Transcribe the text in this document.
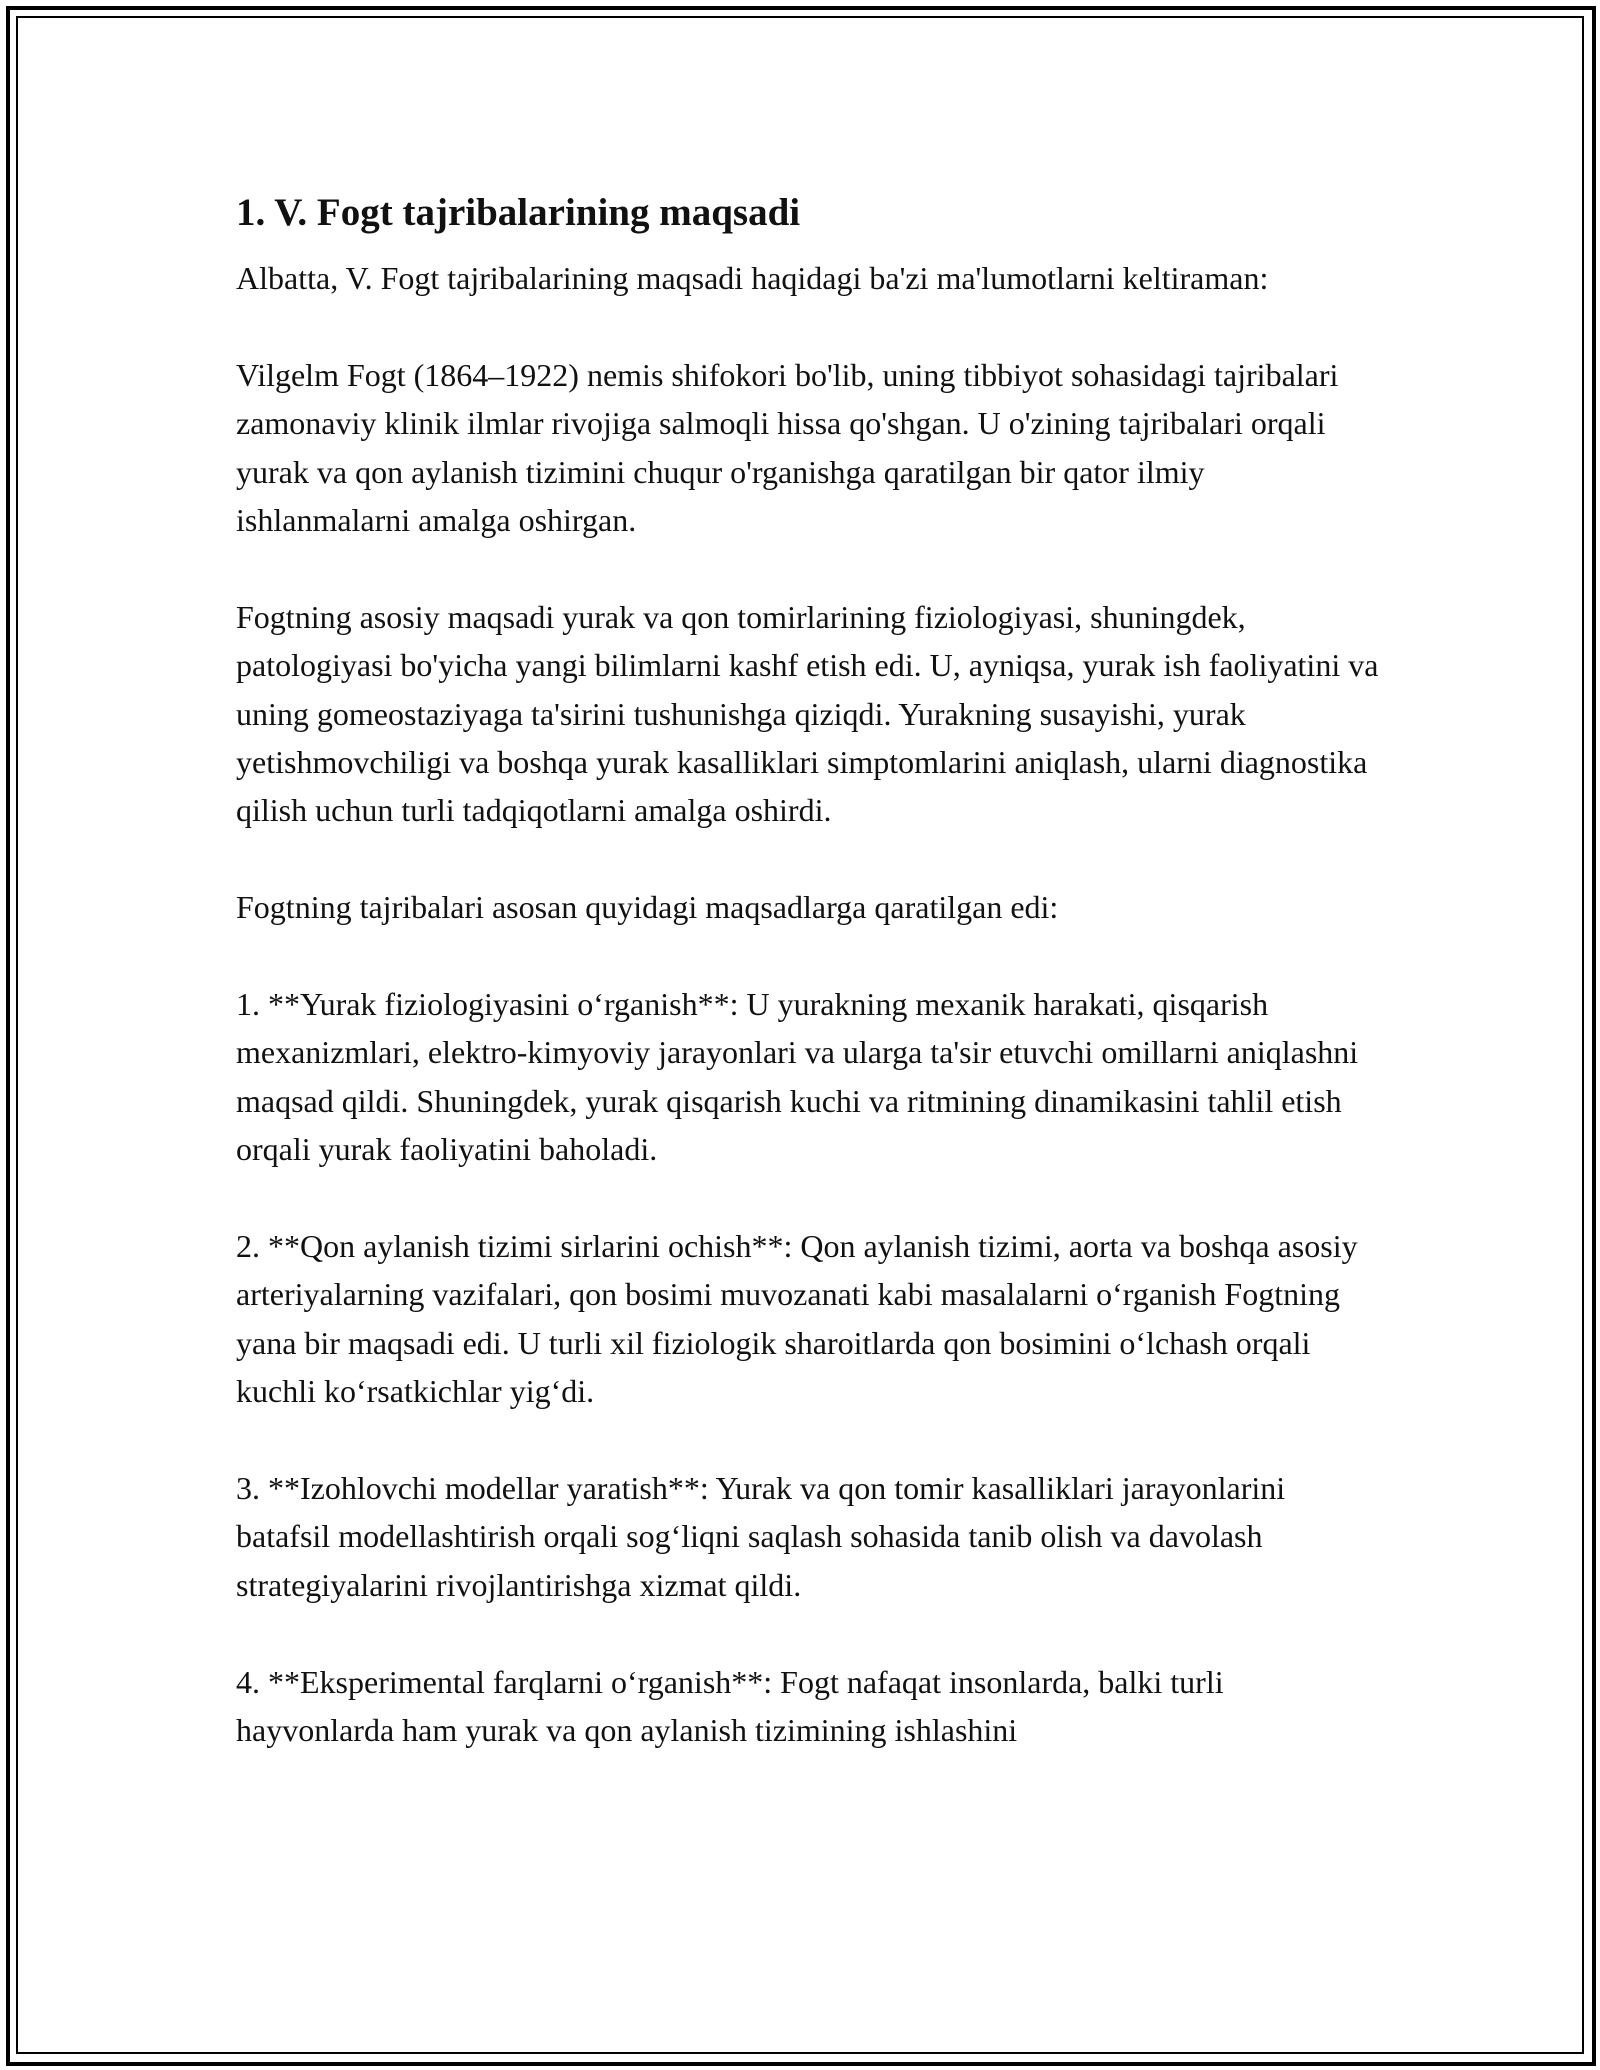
1. V. Fogt tajribalarining maqsadi

Albatta, V. Fogt tajribalarining maqsadi haqidagi ba'zi ma'lumotlarni keltiraman:

Vilgelm Fogt (1864–1922) nemis shifokori bo'lib, uning tibbiyot sohasidagi tajribalari zamonaviy klinik ilmlar rivojiga salmoqli hissa qo'shgan. U o'zining tajribalari orqali yurak va qon aylanish tizimini chuqur o'rganishga qaratilgan bir qator ilmiy ishlanmalarni amalga oshirgan.

Fogtning asosiy maqsadi yurak va qon tomirlarining fiziologiyasi, shuningdek, patologiyasi bo'yicha yangi bilimlarni kashf etish edi. U, ayniqsa, yurak ish faoliyatini va uning gomeostaziyaga ta'sirini tushunishga qiziqdi. Yurakning susayishi, yurak yetishmovchiligi va boshqa yurak kasalliklari simptomlarini aniqlash, ularni diagnostika qilish uchun turli tadqiqotlarni amalga oshirdi.

Fogtning tajribalari asosan quyidagi maqsadlarga qaratilgan edi:

1. **Yurak fiziologiyasini o‘rganish**: U yurakning mexanik harakati, qisqarish mexanizmlari, elektro-kimyoviy jarayonlari va ularga ta'sir etuvchi omillarni aniqlashni maqsad qildi. Shuningdek, yurak qisqarish kuchi va ritmining dinamikasini tahlil etish orqali yurak faoliyatini baholadi.

2. **Qon aylanish tizimi sirlarini ochish**: Qon aylanish tizimi, aorta va boshqa asosiy arteriyalarning vazifalari, qon bosimi muvozanati kabi masalalarni o‘rganish Fogtning yana bir maqsadi edi. U turli xil fiziologik sharoitlarda qon bosimini o‘lchash orqali kuchli ko‘rsatkichlar yig‘di.

3. **Izohlovchi modellar yaratish**: Yurak va qon tomir kasalliklari jarayonlarini batafsil modellashtirish orqali sog‘liqni saqlash sohasida tanib olish va davolash strategiyalarini rivojlantirishga xizmat qildi.

4. **Eksperimental farqlarni o‘rganish**: Fogt nafaqat insonlarda, balki turli hayvonlarda ham yurak va qon aylanish tizimining ishlashini
